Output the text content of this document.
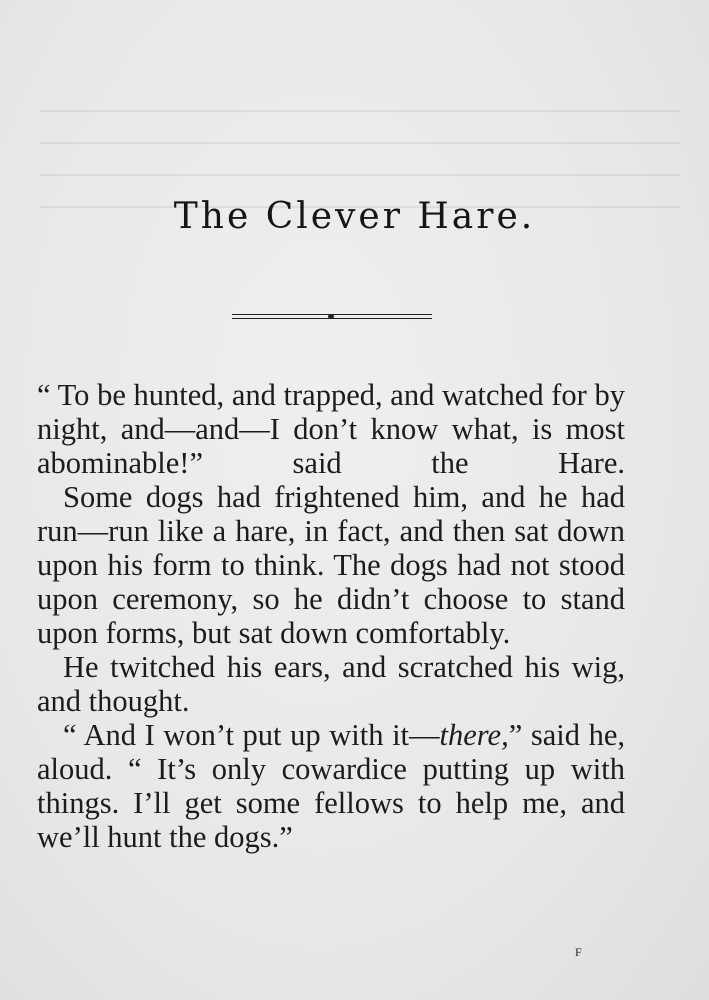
The Clever Hare.

“ To be hunted, and trapped, and watched for by night, and—and—I don’t know what, is most abominable!” said the Hare.

Some dogs had frightened him, and he had run—run like a hare, in fact, and then sat down upon his form to think. The dogs had not stood upon ceremony, so he didn’t choose to stand upon forms, but sat down comfortably.

He twitched his ears, and scratched his wig, and thought.

“ And I won’t put up with it—there,” said he, aloud. “ It’s only cowardice putting up with things. I’ll get some fellows to help me, and we’ll hunt the dogs.”

F
